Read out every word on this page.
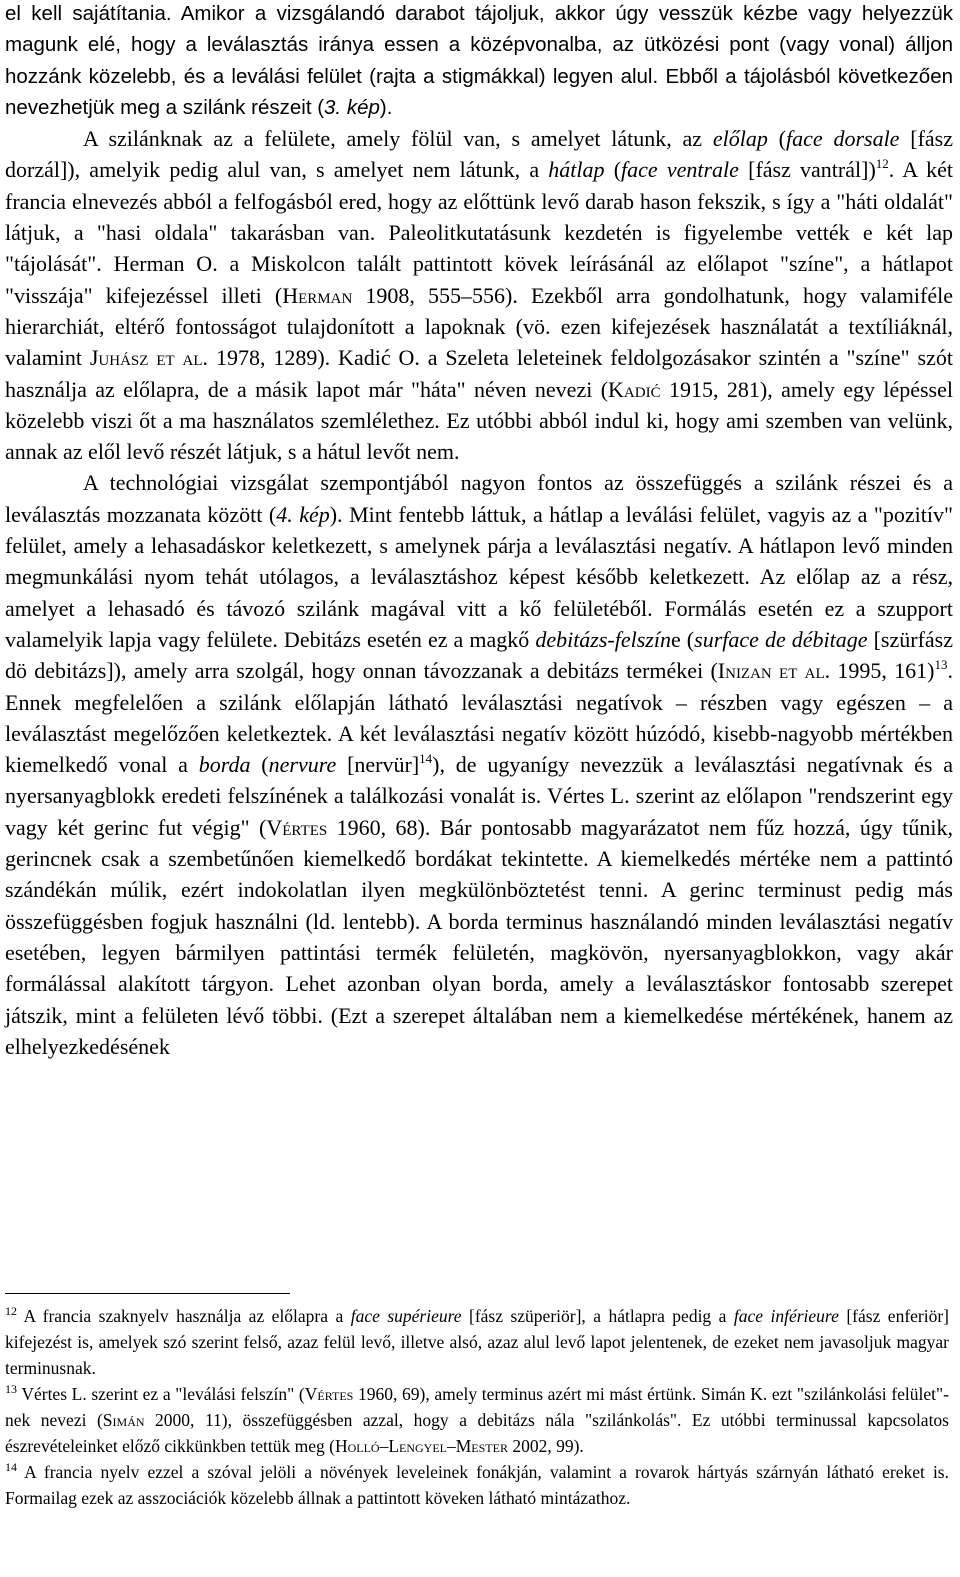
el kell sajátítania. Amikor a vizsgálandó darabot tájoljuk, akkor úgy vesszük kézbe vagy helyezzük magunk elé, hogy a leválasztás iránya essen a középvonalba, az ütközési pont (vagy vonal) álljon hozzánk közelebb, és a leválási felület (rajta a stigmákkal) legyen alul. Ebből a tájolásból következően nevezhetjük meg a szilánk részeit (3. kép).

A szilánknak az a felülete, amely fölül van, s amelyet látunk, az előlap (face dorsale [fász dorzál]), amelyik pedig alul van, s amelyet nem látunk, a hátlap (face ventrale [fász vantrál])$^{12}$. A két francia elnevezés abból a felfogásból ered, hogy az előttünk levő darab hason fekszik, s így a "háti oldalát" látjuk, a "hasi oldala" takarásban van. Paleolitkutatásunk kezdetén is figyelembe vették e két lap "tájolását". Herman O. a Miskolcon talált pattintott kövek leírásánál az előlapot "színe", a hátlapot "visszája" kifejezéssel illeti (Herman 1908, 555–556). Ezekből arra gondolhatunk, hogy valamiféle hierarchiát, eltérő fontosságot tulajdonított a lapoknak (vö. ezen kifejezések használatát a textíliáknál, valamint Juhász et al. 1978, 1289). Kadić O. a Szeleta leleteinek feldolgozásakor szintén a "színe" szót használja az előlapra, de a másik lapot már "háta" néven nevezi (Kadić 1915, 281), amely egy lépéssel közelebb viszi őt a ma használatos szemlélethez. Ez utóbbi abból indul ki, hogy ami szemben van velünk, annak az elől levő részét látjuk, s a hátul levőt nem.

A technológiai vizsgálat szempontjából nagyon fontos az összefüggés a szilánk részei és a leválasztás mozzanata között (4. kép). Mint fentebb láttuk, a hátlap a leválási felület, vagyis az a "pozitív" felület, amely a lehasadáskor keletkezett, s amelynek párja a leválasztási negatív. A hátlapon levő minden megmunkálási nyom tehát utólagos, a leválasztáshoz képest később keletkezett. Az előlap az a rész, amelyet a lehasadó és távozó szilánk magával vitt a kő felületéből. Formálás esetén ez a szupport valamelyik lapja vagy felülete. Debitázs esetén ez a magkő debitázs-felszíne (surface de débitage [szürfász dö debitázs]), amely arra szolgál, hogy onnan távozzanak a debitázs termékei (Inizan et al. 1995, 161)$^{13}$. Ennek megfelelően a szilánk előlapján látható leválasztási negatívok – részben vagy egészen – a leválasztást megelőzően keletkeztek. A két leválasztási negatív között húzódó, kisebb-nagyobb mértékben kiemelkedő vonal a borda (nervure [nervür]$^{14}$), de ugyanígy nevezzük a leválasztási negatívnak és a nyersanyagblokk eredeti felszínének a találkozási vonalát is. Vértes L. szerint az előlapon "rendszerint egy vagy két gerinc fut végig" (Vértes 1960, 68). Bár pontosabb magyarázatot nem fűz hozzá, úgy tűnik, gerincnek csak a szembetűnően kiemelkedő bordákat tekintette. A kiemelkedés mértéke nem a pattintó szándékán múlik, ezért indokolatlan ilyen megkülönböztetést tenni. A gerinc terminust pedig más összefüggésben fogjuk használni (ld. lentebb). A borda terminus használandó minden leválasztási negatív esetében, legyen bármilyen pattintási termék felületén, magkövön, nyersanyagblokkon, vagy akár formálással alakított tárgyon. Lehet azonban olyan borda, amely a leválasztáskor fontosabb szerepet játszik, mint a felületen lévő többi. (Ezt a szerepet általában nem a kiemelkedése mértékének, hanem az elhelyezkedésének

$^{12}$ A francia szaknyelv használja az előlapra a face supérieure [fász szüperiör], a hátlapra pedig a face inférieure [fász enferiör] kifejezést is, amelyek szó szerint felső, azaz felül levő, illetve alsó, azaz alul levő lapot jelentenek, de ezeket nem javasoljuk magyar terminusnak.

$^{13}$ Vértes L. szerint ez a "leválási felszín" (Vértes 1960, 69), amely terminus azért mi mást értünk. Simán K. ezt "szilánkolási felület"-nek nevezi (Simán 2000, 11), összefüggésben azzal, hogy a debitázs nála "szilánkolás". Ez utóbbi terminussal kapcsolatos észrevételeinket előző cikkünkben tettük meg (Holló–Lengyel–Mester 2002, 99).

$^{14}$ A francia nyelv ezzel a szóval jelöli a növények leveleinek fonákján, valamint a rovarok hártyás szárnyán látható ereket is. Formailag ezek az asszociációk közelebb állnak a pattintott köveken látható mintázathoz.
